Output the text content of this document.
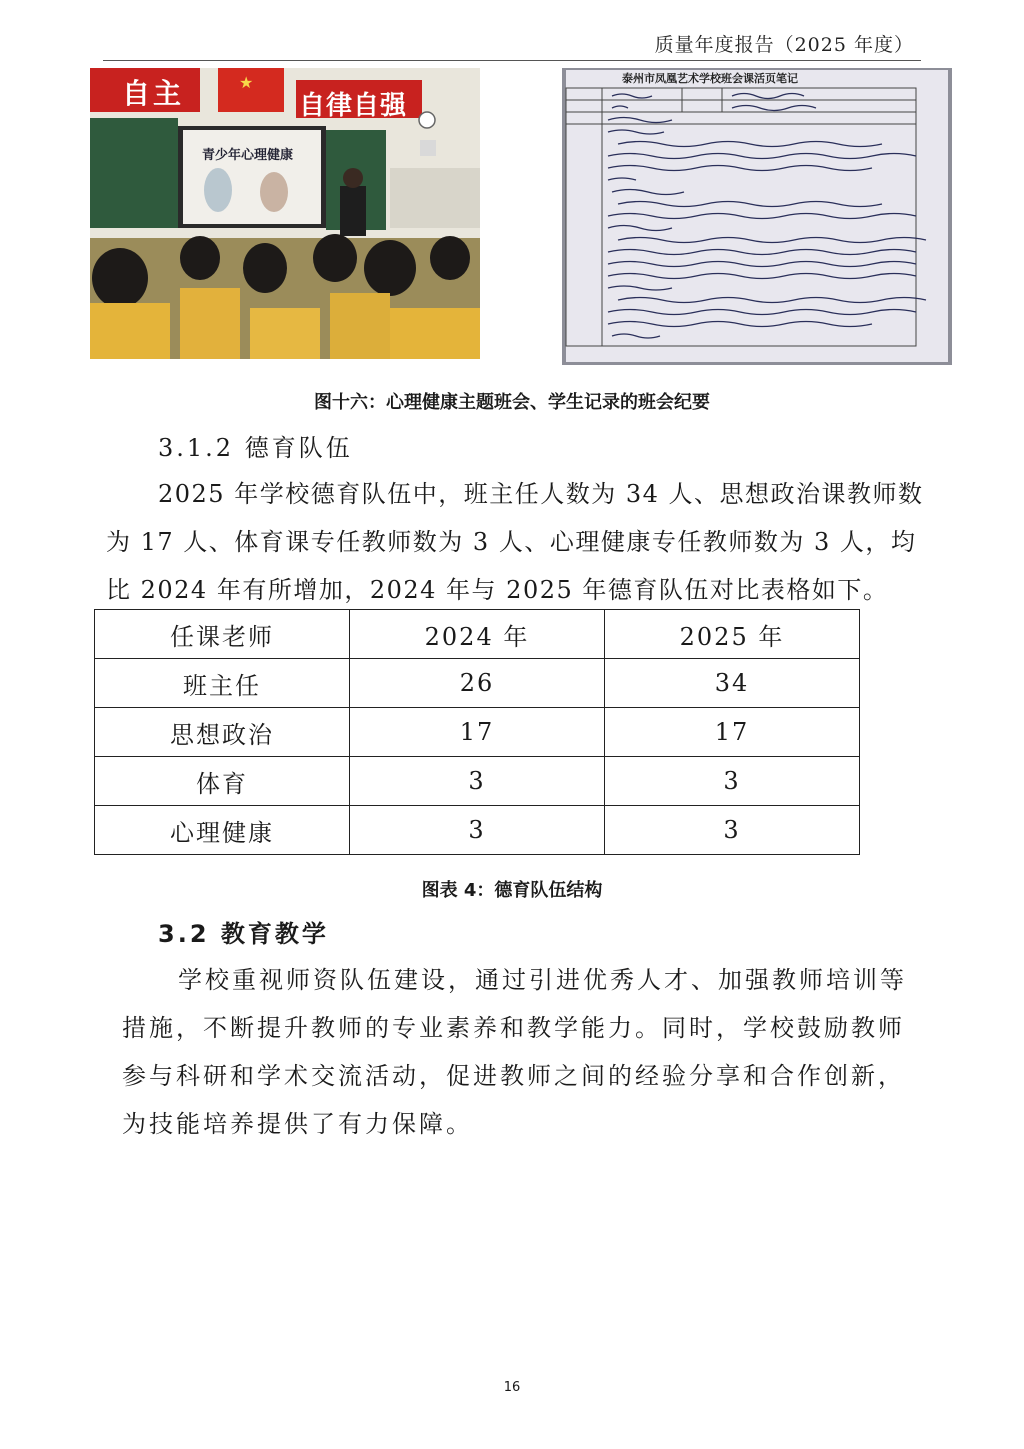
质量年度报告（2025 年度）
★
自主	自律自强
青少年心理健康
泰州市凤凰艺术学校班会课活页笔记
图十六：心理健康主题班会、学生记录的班会纪要
3.1.2 德育队伍
2025 年学校德育队伍中，班主任人数为 34 人、思想政治课教师数为 17 人、体育课专任教师数为 3 人、心理健康专任教师数为 3 人，均比 2024 年有所增加，2024 年与 2025 年德育队伍对比表格如下。
任课老师	2024 年	2025 年
班主任	26	34
思想政治	17	17
体育	3	3
心理健康	3	3
图表 4：德育队伍结构
3.2 教育教学
学校重视师资队伍建设，通过引进优秀人才、加强教师培训等措施，不断提升教师的专业素养和教学能力。同时，学校鼓励教师参与科研和学术交流活动，促进教师之间的经验分享和合作创新，为技能培养提供了有力保障。
16
